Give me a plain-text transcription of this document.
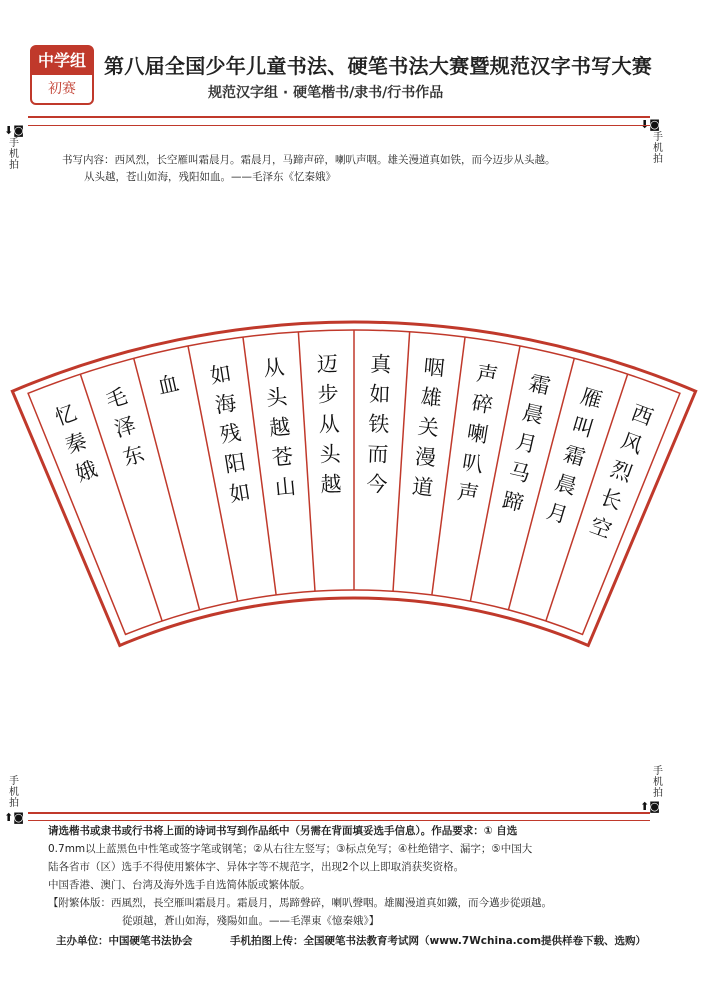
中学组
初赛
第八届全国少年儿童书法、硬笔书法大赛暨规范汉字书写大赛
规范汉字组 · 硬笔楷书/隶书/行书作品
⬇◙
手机拍
⬇◙
手机拍
手机拍
⬆◙
手机拍
⬆◙
书写内容：西风烈，长空雁叫霜晨月。霜晨月，马蹄声碎，喇叭声咽。雄关漫道真如铁，而今迈步从头越。
从头越，苍山如海，残阳如血。——毛泽东《忆秦娥》
西
风
烈
长
空
雁
叫
霜
晨
月
霜
晨
月
马
蹄
声
碎
喇
叭
声
咽
雄
关
漫
道
真
如
铁
而
今
迈
步
从
头
越
从
头
越
苍
山
如
海
残
阳
如
血
毛
泽
东
忆
秦
娥
请选楷书或隶书或行书将上面的诗词书写到作品纸中（另需在背面填妥选手信息）。作品要求：① 自选
0.7mm以上蓝黑色中性笔或签字笔或钢笔；②从右往左竖写；③标点免写；④杜绝错字、漏字；⑤中国大
陆各省市（区）选手不得使用繁体字、异体字等不规范字，出现2个以上即取消获奖资格。
中国香港、澳门、台湾及海外选手自选简体版或繁体版。
【附繁体版：西風烈，長空雁叫霜晨月。霜晨月，馬蹄聲碎，喇叭聲咽。雄關漫道真如鐵，而今邁步從頭越。
從頭越，蒼山如海，殘陽如血。——毛澤東《憶秦娥》】
主办单位：中国硬笔书法协会	手机拍图上传：全国硬笔书法教育考试网（www.7Wchina.com提供样卷下载、选购）
